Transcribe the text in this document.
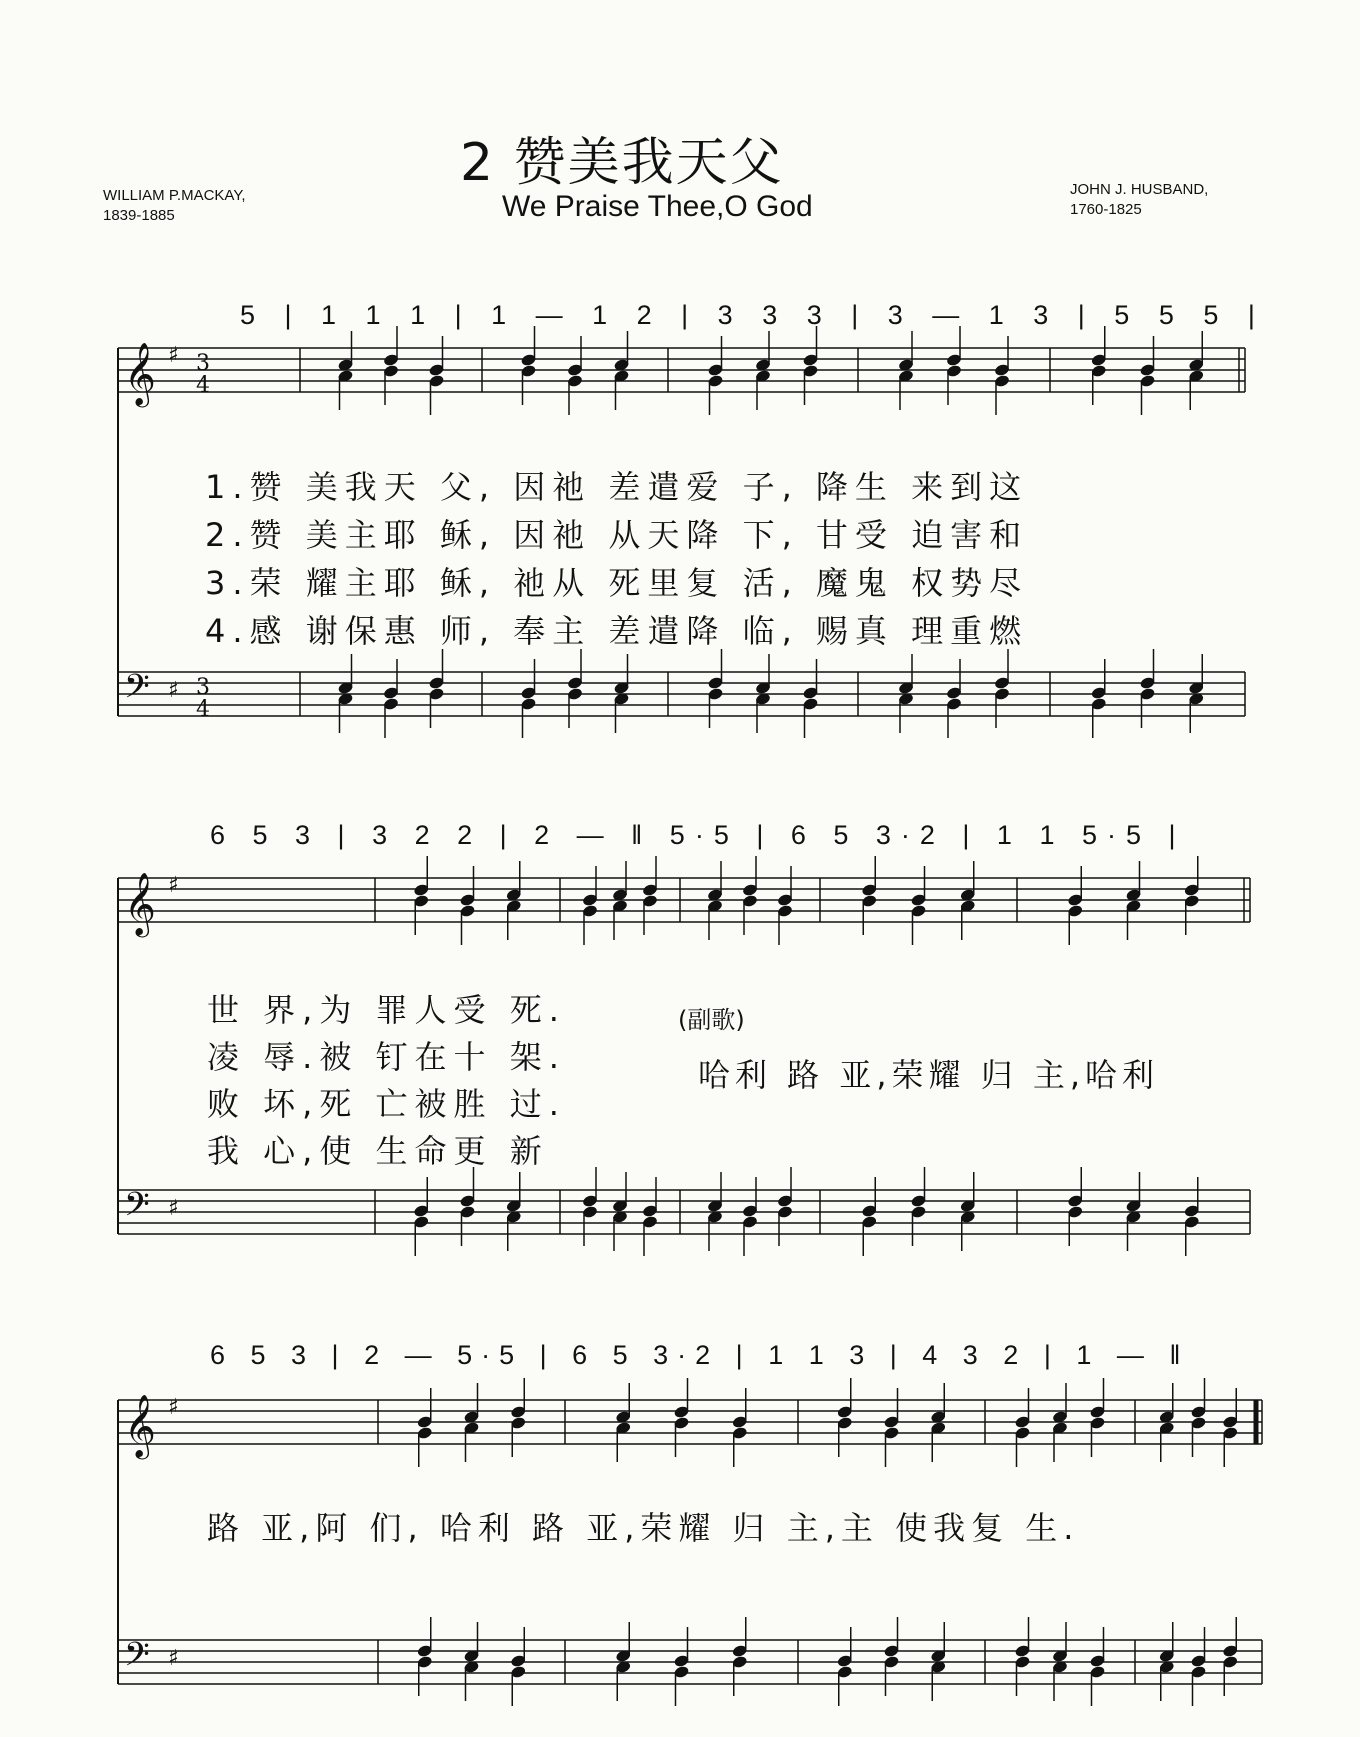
2 赞美我天父
We Praise Thee,O God
WILLIAM P.MACKAY,
1839-1885
JOHN J. HUSBAND,
1760-1825
5 | 1 1 1 | 1 — 1 2 | 3 3 3 | 3 — 1 3 | 5 5 5 |
6 5 3 | 3 2 2 | 2 — ‖ 5·5 | 6 5 3·2 | 1 1 5·5 |
6 5 3 | 2 — 5·5 | 6 5 3·2 | 1 1 3 | 4 3 2 | 1 — ‖
1.赞 美我天 父, 因祂 差遣爱 子, 降生 来到这
2.赞 美主耶 稣, 因祂 从天降 下, 甘受 迫害和
3.荣 耀主耶 稣, 祂从 死里复 活, 魔鬼 权势尽
4.感 谢保惠 师, 奉主 差遣降 临, 赐真 理重燃
世 界,为 罪人受 死.
凌 辱.被 钉在十 架.
败 坏,死 亡被胜 过.
我 心,使 生命更 新
(副歌)
哈利 路 亚,荣耀 归 主,哈利
路 亚,阿 们, 哈利 路 亚,荣耀 归 主,主 使我复 生.
𝄞
𝄢
♯
♯
3
4
3
4
𝄞
𝄢
♯
♯
𝄞
𝄢
♯
♯
